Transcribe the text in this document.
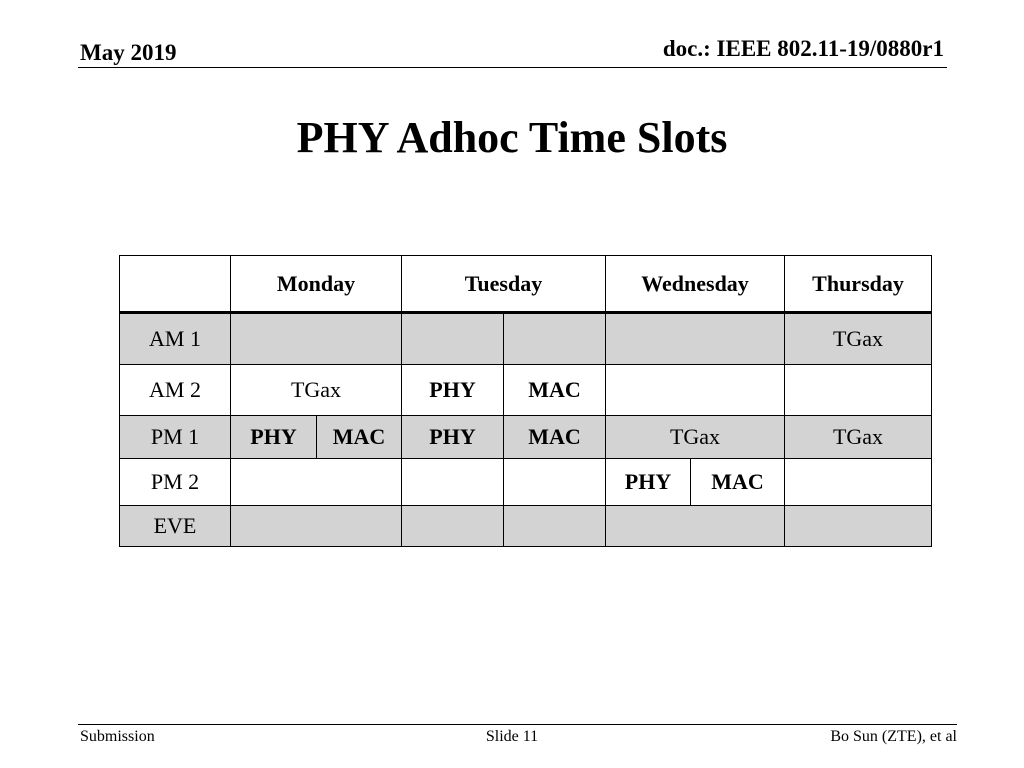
May 2019	doc.: IEEE 802.11-19/0880r1
PHY Adhoc Time Slots
	Monday		Tuesday		Wednesday		Thursday
AM 1							TGax
AM 2	TGax		PHY	MAC			
PM 1	PHY	MAC	PHY	MAC	TGax		TGax
PM 2					PHY	MAC	
EVE							
Submission	Slide 11	Bo Sun (ZTE), et al
